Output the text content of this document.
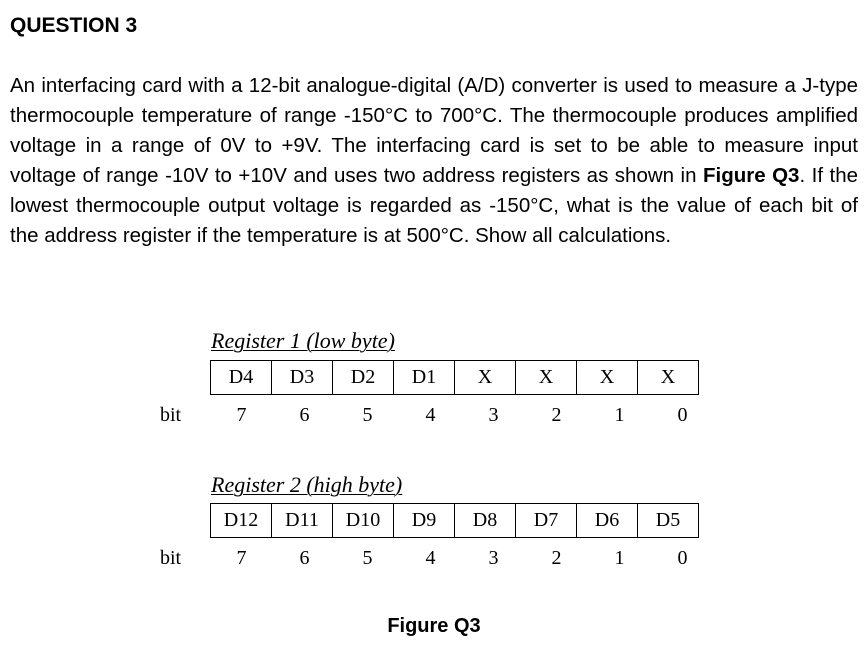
QUESTION 3

An interfacing card with a 12-bit analogue-digital (A/D) converter is used to measure a J-type thermocouple temperature of range -150°C to 700°C. The thermocouple produces amplified voltage in a range of 0V to +9V. The interfacing card is set to be able to measure input voltage of range -10V to +10V and uses two address registers as shown in Figure Q3. If the lowest thermocouple output voltage is regarded as -150°C, what is the value of each bit of the address register if the temperature is at 500°C. Show all calculations.

Register 1 (low byte)
D4	D3	D2	D1	X	X	X	X
bit	7	6	5	4	3	2	1	0
Register 2 (high byte)
D12	D11	D10	D9	D8	D7	D6	D5
bit	7	6	5	4	3	2	1	0

Figure Q3
